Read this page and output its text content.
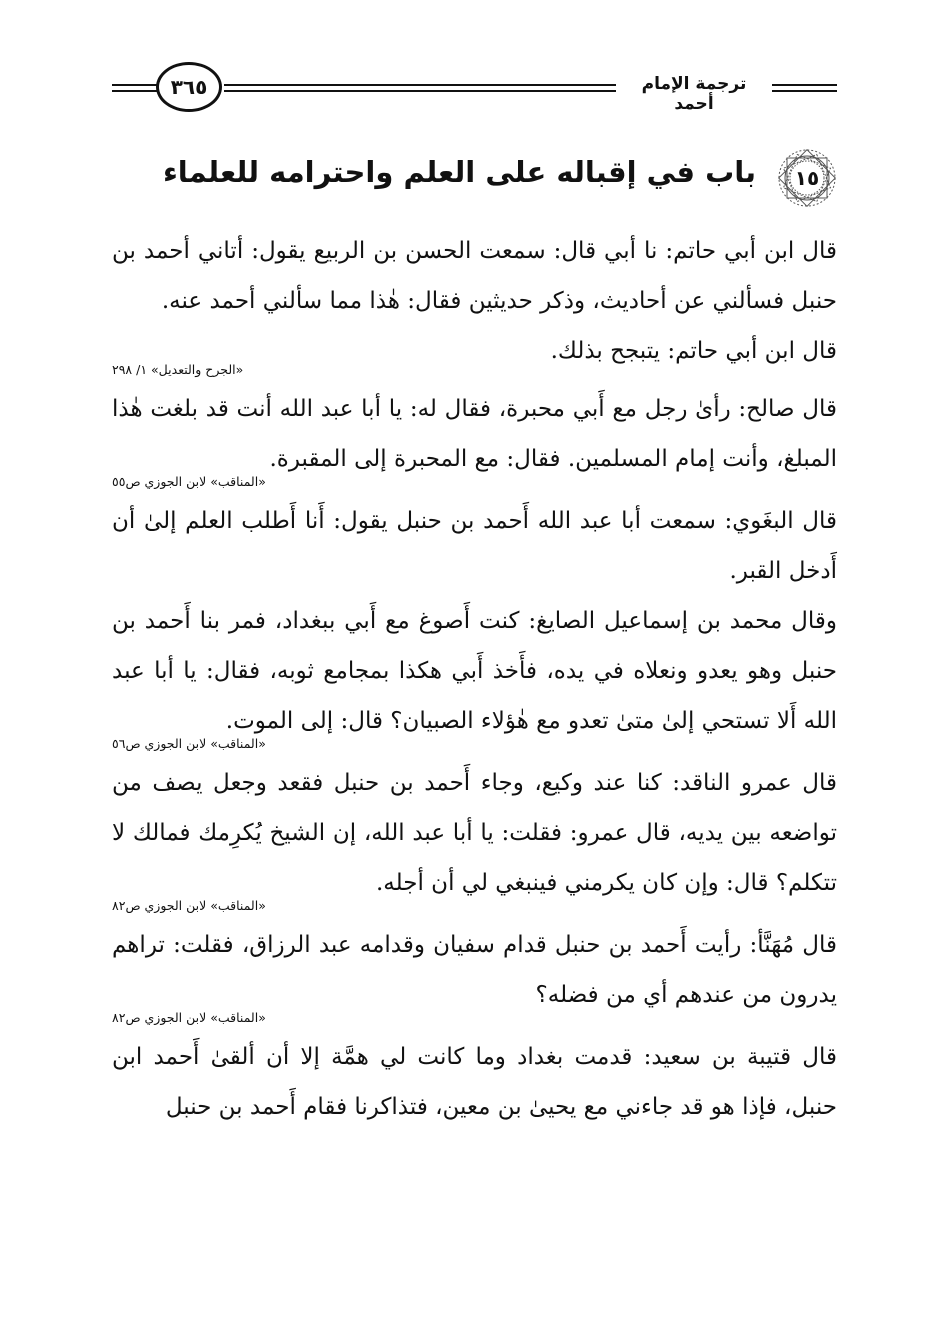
٣٦٥	ترجمة الإمام أحمد
١٥
باب في إقباله على العلم واحترامه للعلماء

قال ابن أبي حاتم: نا أبي قال: سمعت الحسن بن الربيع يقول: أتاني أحمد بن حنبل فسألني عن أحاديث، وذكر حديثين فقال: هٰذا مما سألني أحمد عنه.

قال ابن أبي حاتم: يتبجح بذلك.

«الجرح والتعديل» ١/ ٢٩٨

قال صالح: رأىٰ رجل مع أَبي محبرة، فقال له: يا أبا عبد الله أنت قد بلغت هٰذا المبلغ، وأنت إمام المسلمين. فقال: مع المحبرة إلى المقبرة.

«المناقب» لابن الجوزي ص٥٥

قال البغَوي: سمعت أبا عبد الله أَحمد بن حنبل يقول: أَنا أَطلب العلم إلىٰ أن أَدخل القبر.

وقال محمد بن إسماعيل الصايغ: كنت أَصوغ مع أَبي ببغداد، فمر بنا أَحمد بن حنبل وهو يعدو ونعلاه في يده، فأَخذ أَبي هكذا بمجامع ثوبه، فقال: يا أبا عبد الله أَلا تستحي إلىٰ متىٰ تعدو مع هٰؤلاء الصبيان؟ قال: إلى الموت.

«المناقب» لابن الجوزي ص٥٦

قال عمرو الناقد: كنا عند وكيع، وجاء أَحمد بن حنبل فقعد وجعل يصف من تواضعه بين يديه، قال عمرو: فقلت: يا أبا عبد الله، إن الشيخ يُكرِمك فمالك لا تتكلم؟ قال: وإن كان يكرمني فينبغي لي أن أجله.

«المناقب» لابن الجوزي ص٨٢

قال مُهَنَّأ: رأيت أَحمد بن حنبل قدام سفيان وقدامه عبد الرزاق، فقلت: تراهم يدرون من عندهم أي من فضله؟

«المناقب» لابن الجوزي ص٨٢

قال قتيبة بن سعيد: قدمت بغداد وما كانت لي همَّة إلا أن ألقىٰ أَحمد ابن حنبل، فإذا هو قد جاءني مع يحيىٰ بن معين، فتذاكرنا فقام أَحمد بن حنبل
